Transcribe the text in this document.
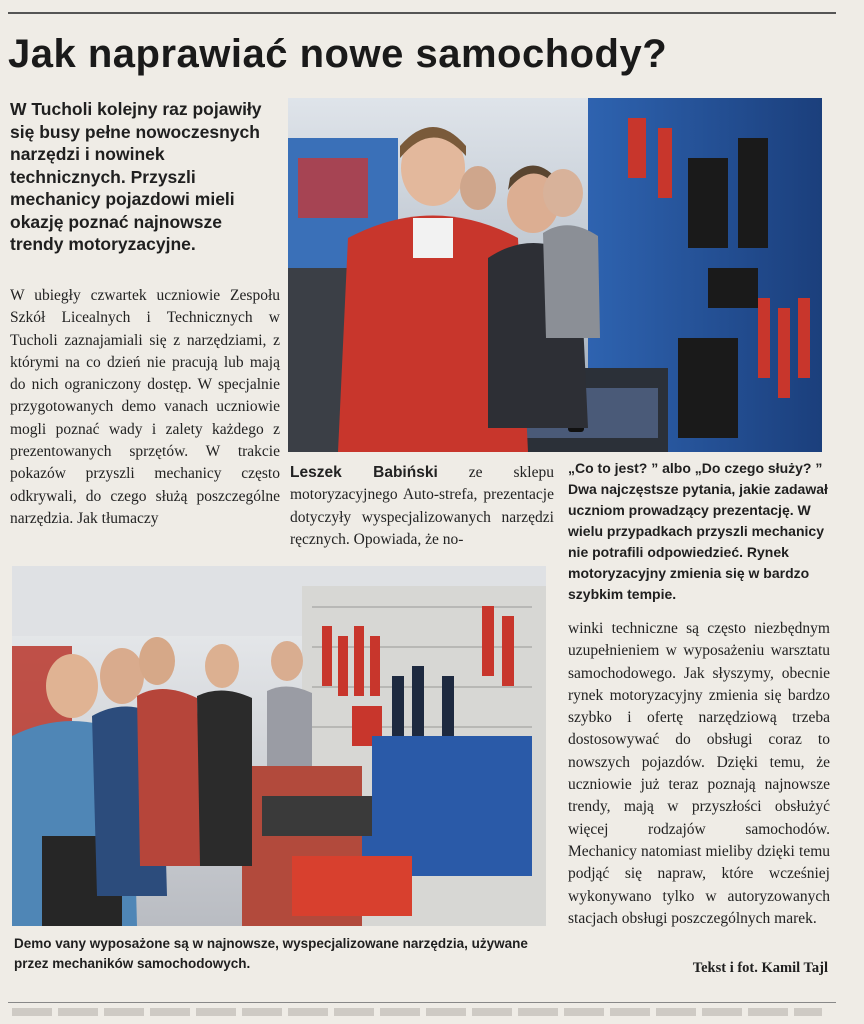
Jak naprawiać nowe samochody?

W Tucholi kolejny raz pojawiły się busy pełne nowoczesnych narzędzi i nowinek technicznych. Przyszli mechanicy pojazdowi mieli okazję poznać najnowsze trendy motoryzacyjne.

W ubiegły czwartek uczniowie Zespołu Szkół Licealnych i Technicznych w Tucholi zaznajamiali się z narzędziami, z którymi na co dzień nie pracują lub mają do nich ograniczony dostęp. W specjalnie przygotowanych demo vanach uczniowie mogli poznać wady i zalety każdego z prezentowanych sprzętów. W trakcie pokazów przyszli mechanicy często odkrywali, do czego służą poszczególne narzędzia. Jak tłumaczy

Leszek Babiński ze sklepu motoryzacyjnego Auto-strefa, prezentacje dotyczyły wyspecjalizowanych narzędzi ręcznych. Opowiada, że no-

„Co to jest? ” albo „Do czego służy? ” Dwa najczęstsze pytania, jakie zadawał uczniom prowadzący prezentację. W wielu przypadkach przyszli mechanicy nie potrafili odpowiedzieć. Rynek motoryzacyjny zmienia się w bardzo szybkim tempie.

winki techniczne są często niezbędnym uzupełnieniem w wyposażeniu warsztatu samochodowego. Jak słyszymy, obecnie rynek motoryzacyjny zmienia się bardzo szybko i ofertę narzędziową trzeba dostosowywać do obsługi coraz to nowszych pojazdów. Dzięki temu, że uczniowie już teraz poznają najnowsze trendy, mają w przyszłości obsłużyć więcej rodzajów samochodów. Mechanicy natomiast mieliby dzięki temu podjąć się napraw, które wcześniej wykonywano tylko w autoryzowanych stacjach obsługi poszczególnych marek.

Demo vany wyposażone są w najnowsze, wyspecjalizowane narzędzia, używane przez mechaników samochodowych.	Tekst i fot. Kamil Tajl
